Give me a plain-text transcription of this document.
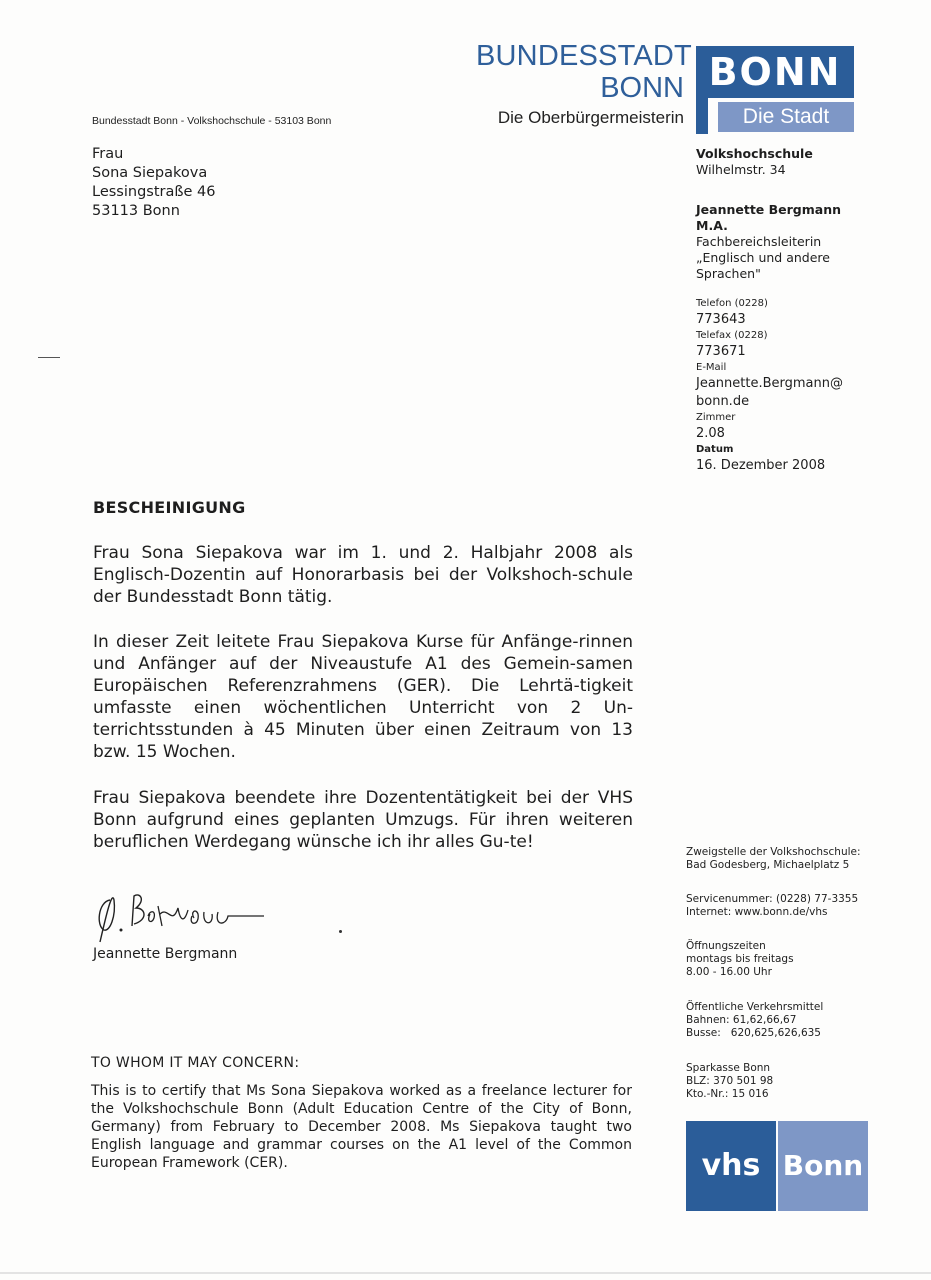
BUNDESSTADT
BONN
Die Oberbürgermeisterin
BONN
Die Stadt
Bundesstadt Bonn - Volkshochschule - 53103 Bonn
Frau
Sona Siepakova
Lessingstraße 46
53113 Bonn
Volkshochschule
Wilhelmstr. 34
Jeannette Bergmann
M.A.
Fachbereichsleiterin
„Englisch und andere
Sprachen"
Telefon (0228)
773643
Telefax (0228)
773671
E-Mail
Jeannette.Bergmann@
bonn.de
Zimmer
2.08
Datum
16. Dezember 2008
BESCHEINIGUNG
Frau Sona Siepakova war im 1. und 2. Halbjahr 2008 als Englisch-Dozentin auf Honorarbasis bei der Volkshoch-schule der Bundesstadt Bonn tätig.
In dieser Zeit leitete Frau Siepakova Kurse für Anfänge-rinnen und Anfänger auf der Niveaustufe A1 des Gemein-samen Europäischen Referenzrahmens (GER). Die Lehrtä-tigkeit umfasste einen wöchentlichen Unterricht von 2 Un-terrichtsstunden à 45 Minuten über einen Zeitraum von 13 bzw. 15 Wochen.
Frau Siepakova beendete ihre Dozententätigkeit bei der VHS Bonn aufgrund eines geplanten Umzugs. Für ihren weiteren beruflichen Werdegang wünsche ich ihr alles Gu-te!
Jeannette Bergmann
TO WHOM IT MAY CONCERN:
This is to certify that Ms Sona Siepakova worked as a freelance lecturer for the Volkshochschule Bonn (Adult Education Centre of the City of Bonn, Germany) from February to December 2008. Ms Siepakova taught two English language and grammar courses on the A1 level of the Common European Framework (CER).
Zweigstelle der Volkshochschule:
Bad Godesberg, Michaelplatz 5
Servicenummer: (0228) 77-3355
Internet: www.bonn.de/vhs
Öffnungszeiten
montags bis freitags
8.00 - 16.00 Uhr
Öffentliche Verkehrsmittel
Bahnen: 61,62,66,67
Busse:   620,625,626,635
Sparkasse Bonn
BLZ: 370 501 98
Kto.-Nr.: 15 016
vhs Bonn
